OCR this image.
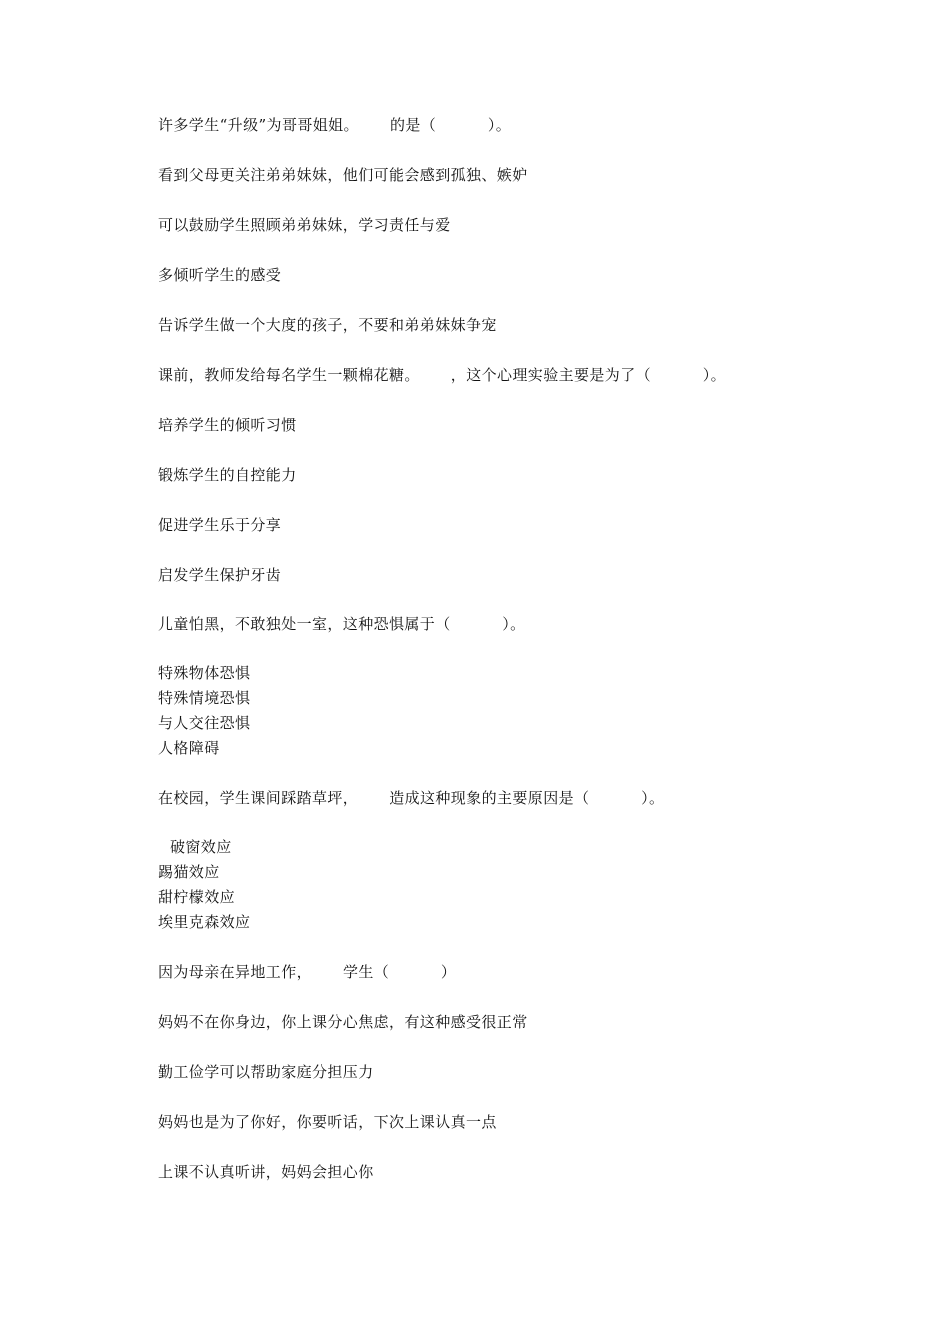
许多学生“升级”为哥哥姐姐。      的是（          ）。
看到父母更关注弟弟妹妹，他们可能会感到孤独、嫉妒
可以鼓励学生照顾弟弟妹妹，学习责任与爱
多倾听学生的感受
告诉学生做一个大度的孩子，不要和弟弟妹妹争宠
课前，教师发给每名学生一颗棉花糖。      ，这个心理实验主要是为了（          ）。
培养学生的倾听习惯
锻炼学生的自控能力
促进学生乐于分享
启发学生保护牙齿
儿童怕黑，不敢独处一室，这种恐惧属于（          ）。
特殊物体恐惧
特殊情境恐惧
与人交往恐惧
人格障碍
在校园，学生课间踩踏草坪，      造成这种现象的主要原因是（          ）。
破窗效应
踢猫效应
甜柠檬效应
埃里克森效应
因为母亲在异地工作，      学生（          ）
妈妈不在你身边，你上课分心焦虑，有这种感受很正常
勤工俭学可以帮助家庭分担压力
妈妈也是为了你好，你要听话，下次上课认真一点
上课不认真听讲，妈妈会担心你
